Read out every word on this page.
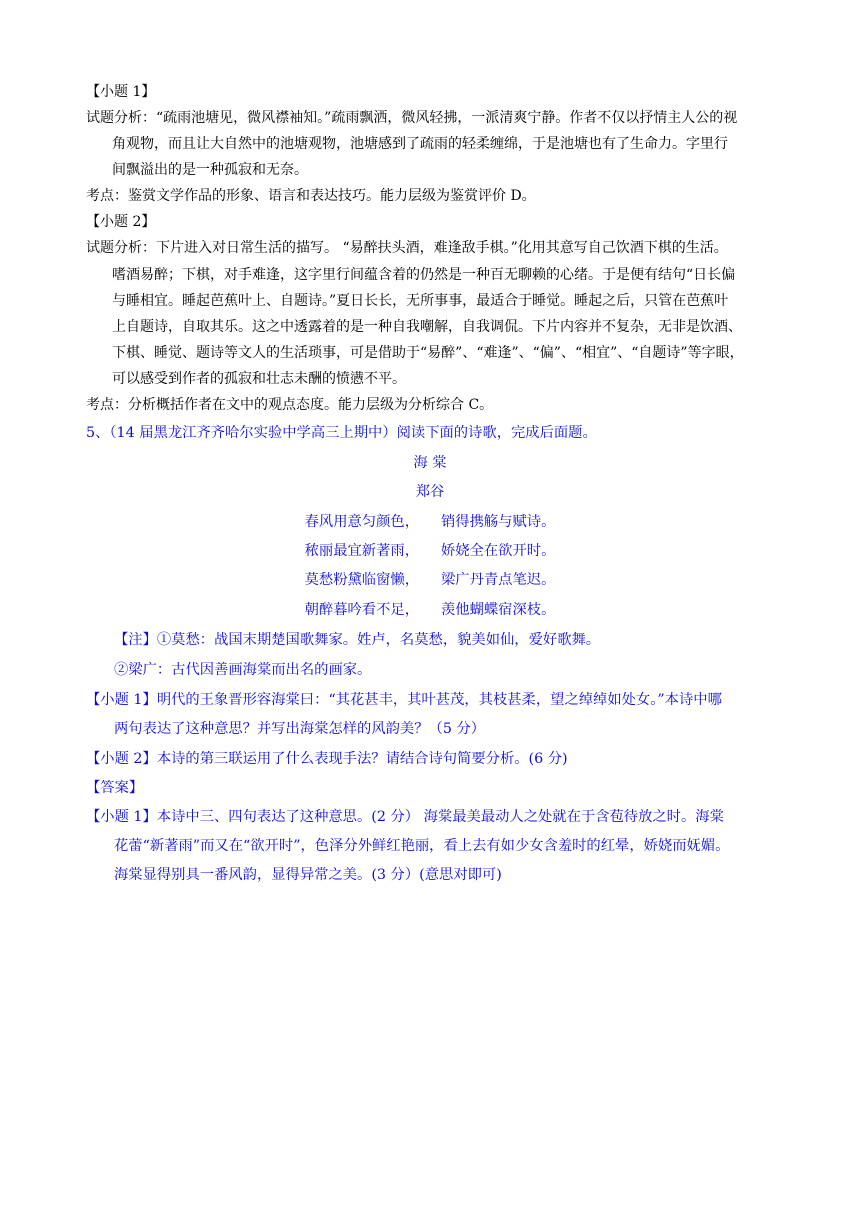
【小题 1】
试题分析：“疏雨池塘见，微风襟袖知。”疏雨飘洒，微风轻拂，一派清爽宁静。作者不仅以抒情主人公的视
角观物，而且让大自然中的池塘观物，池塘感到了疏雨的轻柔缠绵，于是池塘也有了生命力。字里行
间飘溢出的是一种孤寂和无奈。
考点：鉴赏文学作品的形象、语言和表达技巧。能力层级为鉴赏评价 D。
【小题 2】
试题分析：下片进入对日常生活的描写。 “易醉扶头酒，难逢敌手棋。”化用其意写自己饮酒下棋的生活。
嗜酒易醉；下棋，对手难逢，这字里行间蕴含着的仍然是一种百无聊赖的心绪。于是便有结句“日长偏
与睡相宜。睡起芭蕉叶上、自题诗。”夏日长长，无所事事，最适合于睡觉。睡起之后，只管在芭蕉叶
上自题诗，自取其乐。这之中透露着的是一种自我嘲解，自我调侃。下片内容并不复杂，无非是饮酒、
下棋、睡觉、题诗等文人的生活琐事，可是借助于“易醉”、“难逢”、“偏”、“相宜”、“自题诗”等字眼，
可以感受到作者的孤寂和壮志未酬的愤懑不平。
考点：分析概括作者在文中的观点态度。能力层级为分析综合 C。
5、（14 届黑龙江齐齐哈尔实验中学高三上期中）阅读下面的诗歌，完成后面题。
海 棠
郑谷
春风用意匀颜色， 销得携觞与赋诗。
秾丽最宜新著雨， 娇娆全在欲开时。
莫愁粉黛临窗懒， 梁广丹青点笔迟。
朝醉暮吟看不足， 羡他蝴蝶宿深枝。
【注】①莫愁：战国末期楚国歌舞家。姓卢，名莫愁，貌美如仙，爱好歌舞。
②梁广：古代因善画海棠而出名的画家。
【小题 1】明代的王象晋形容海棠曰：“其花甚丰，其叶甚茂，其枝甚柔，望之绰绰如处女。”本诗中哪
两句表达了这种意思？并写出海棠怎样的风韵美？（5 分）
【小题 2】本诗的第三联运用了什么表现手法？请结合诗句简要分析。(6 分)
【答案】
【小题 1】本诗中三、四句表达了这种意思。(2 分） 海棠最美最动人之处就在于含苞待放之时。海棠
花蕾“新著雨”而又在“欲开时”，色泽分外鲜红艳丽，看上去有如少女含羞时的红晕，娇娆而妩媚。
海棠显得别具一番风韵，显得异常之美。(3 分）(意思对即可)
